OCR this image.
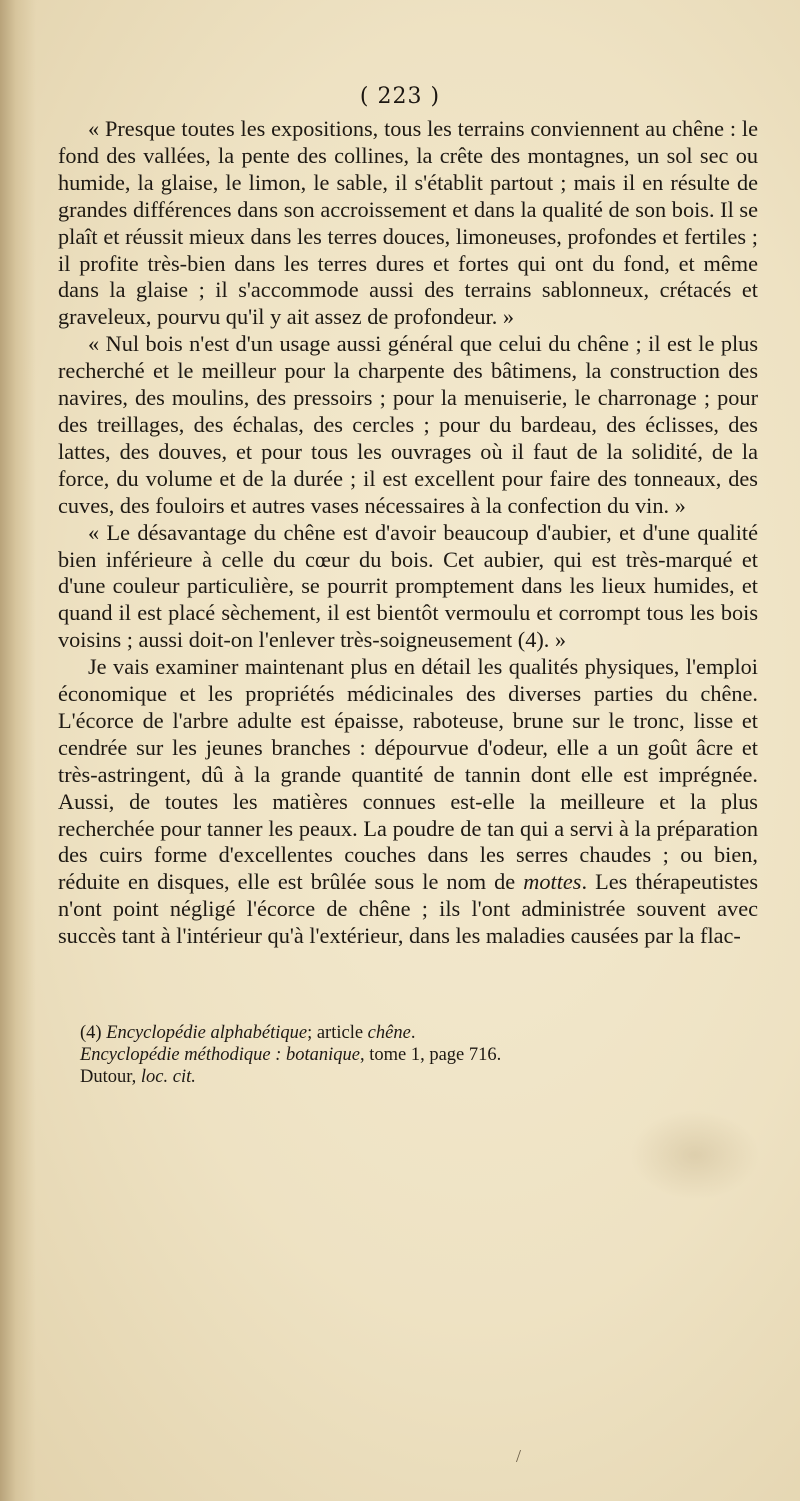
( 223 )

« Presque toutes les expositions, tous les terrains conviennent au chêne : le fond des vallées, la pente des collines, la crête des montagnes, un sol sec ou humide, la glaise, le limon, le sable, il s'établit partout ; mais il en résulte de grandes différences dans son accroissement et dans la qualité de son bois. Il se plaît et réussit mieux dans les terres douces, limoneuses, profondes et fertiles ; il profite très-bien dans les terres dures et fortes qui ont du fond, et même dans la glaise ; il s'accommode aussi des terrains sablonneux, crétacés et graveleux, pourvu qu'il y ait assez de profondeur. »

« Nul bois n'est d'un usage aussi général que celui du chêne ; il est le plus recherché et le meilleur pour la charpente des bâtimens, la construction des navires, des moulins, des pressoirs ; pour la menuiserie, le charronage ; pour des treillages, des échalas, des cercles ; pour du bardeau, des éclisses, des lattes, des douves, et pour tous les ouvrages où il faut de la solidité, de la force, du volume et de la durée ; il est excellent pour faire des tonneaux, des cuves, des fouloirs et autres vases nécessaires à la confection du vin. »

« Le désavantage du chêne est d'avoir beaucoup d'aubier, et d'une qualité bien inférieure à celle du cœur du bois. Cet aubier, qui est très-marqué et d'une couleur particulière, se pourrit promptement dans les lieux humides, et quand il est placé sèchement, il est bientôt vermoulu et corrompt tous les bois voisins ; aussi doit-on l'enlever très-soigneusement (4). »

Je vais examiner maintenant plus en détail les qualités physiques, l'emploi économique et les propriétés médicinales des diverses parties du chêne. L'écorce de l'arbre adulte est épaisse, raboteuse, brune sur le tronc, lisse et cendrée sur les jeunes branches : dépourvue d'odeur, elle a un goût âcre et très-astringent, dû à la grande quantité de tannin dont elle est imprégnée. Aussi, de toutes les matières connues est-elle la meilleure et la plus recherchée pour tanner les peaux. La poudre de tan qui a servi à la préparation des cuirs forme d'excellentes couches dans les serres chaudes ; ou bien, réduite en disques, elle est brûlée sous le nom de mottes. Les thérapeutistes n'ont point négligé l'écorce de chêne ; ils l'ont administrée souvent avec succès tant à l'intérieur qu'à l'extérieur, dans les maladies causées par la flac-

(4) Encyclopédie alphabétique; article chêne.
Encyclopédie méthodique : botanique, tome 1, page 716.
Dutour, loc. cit.
/
